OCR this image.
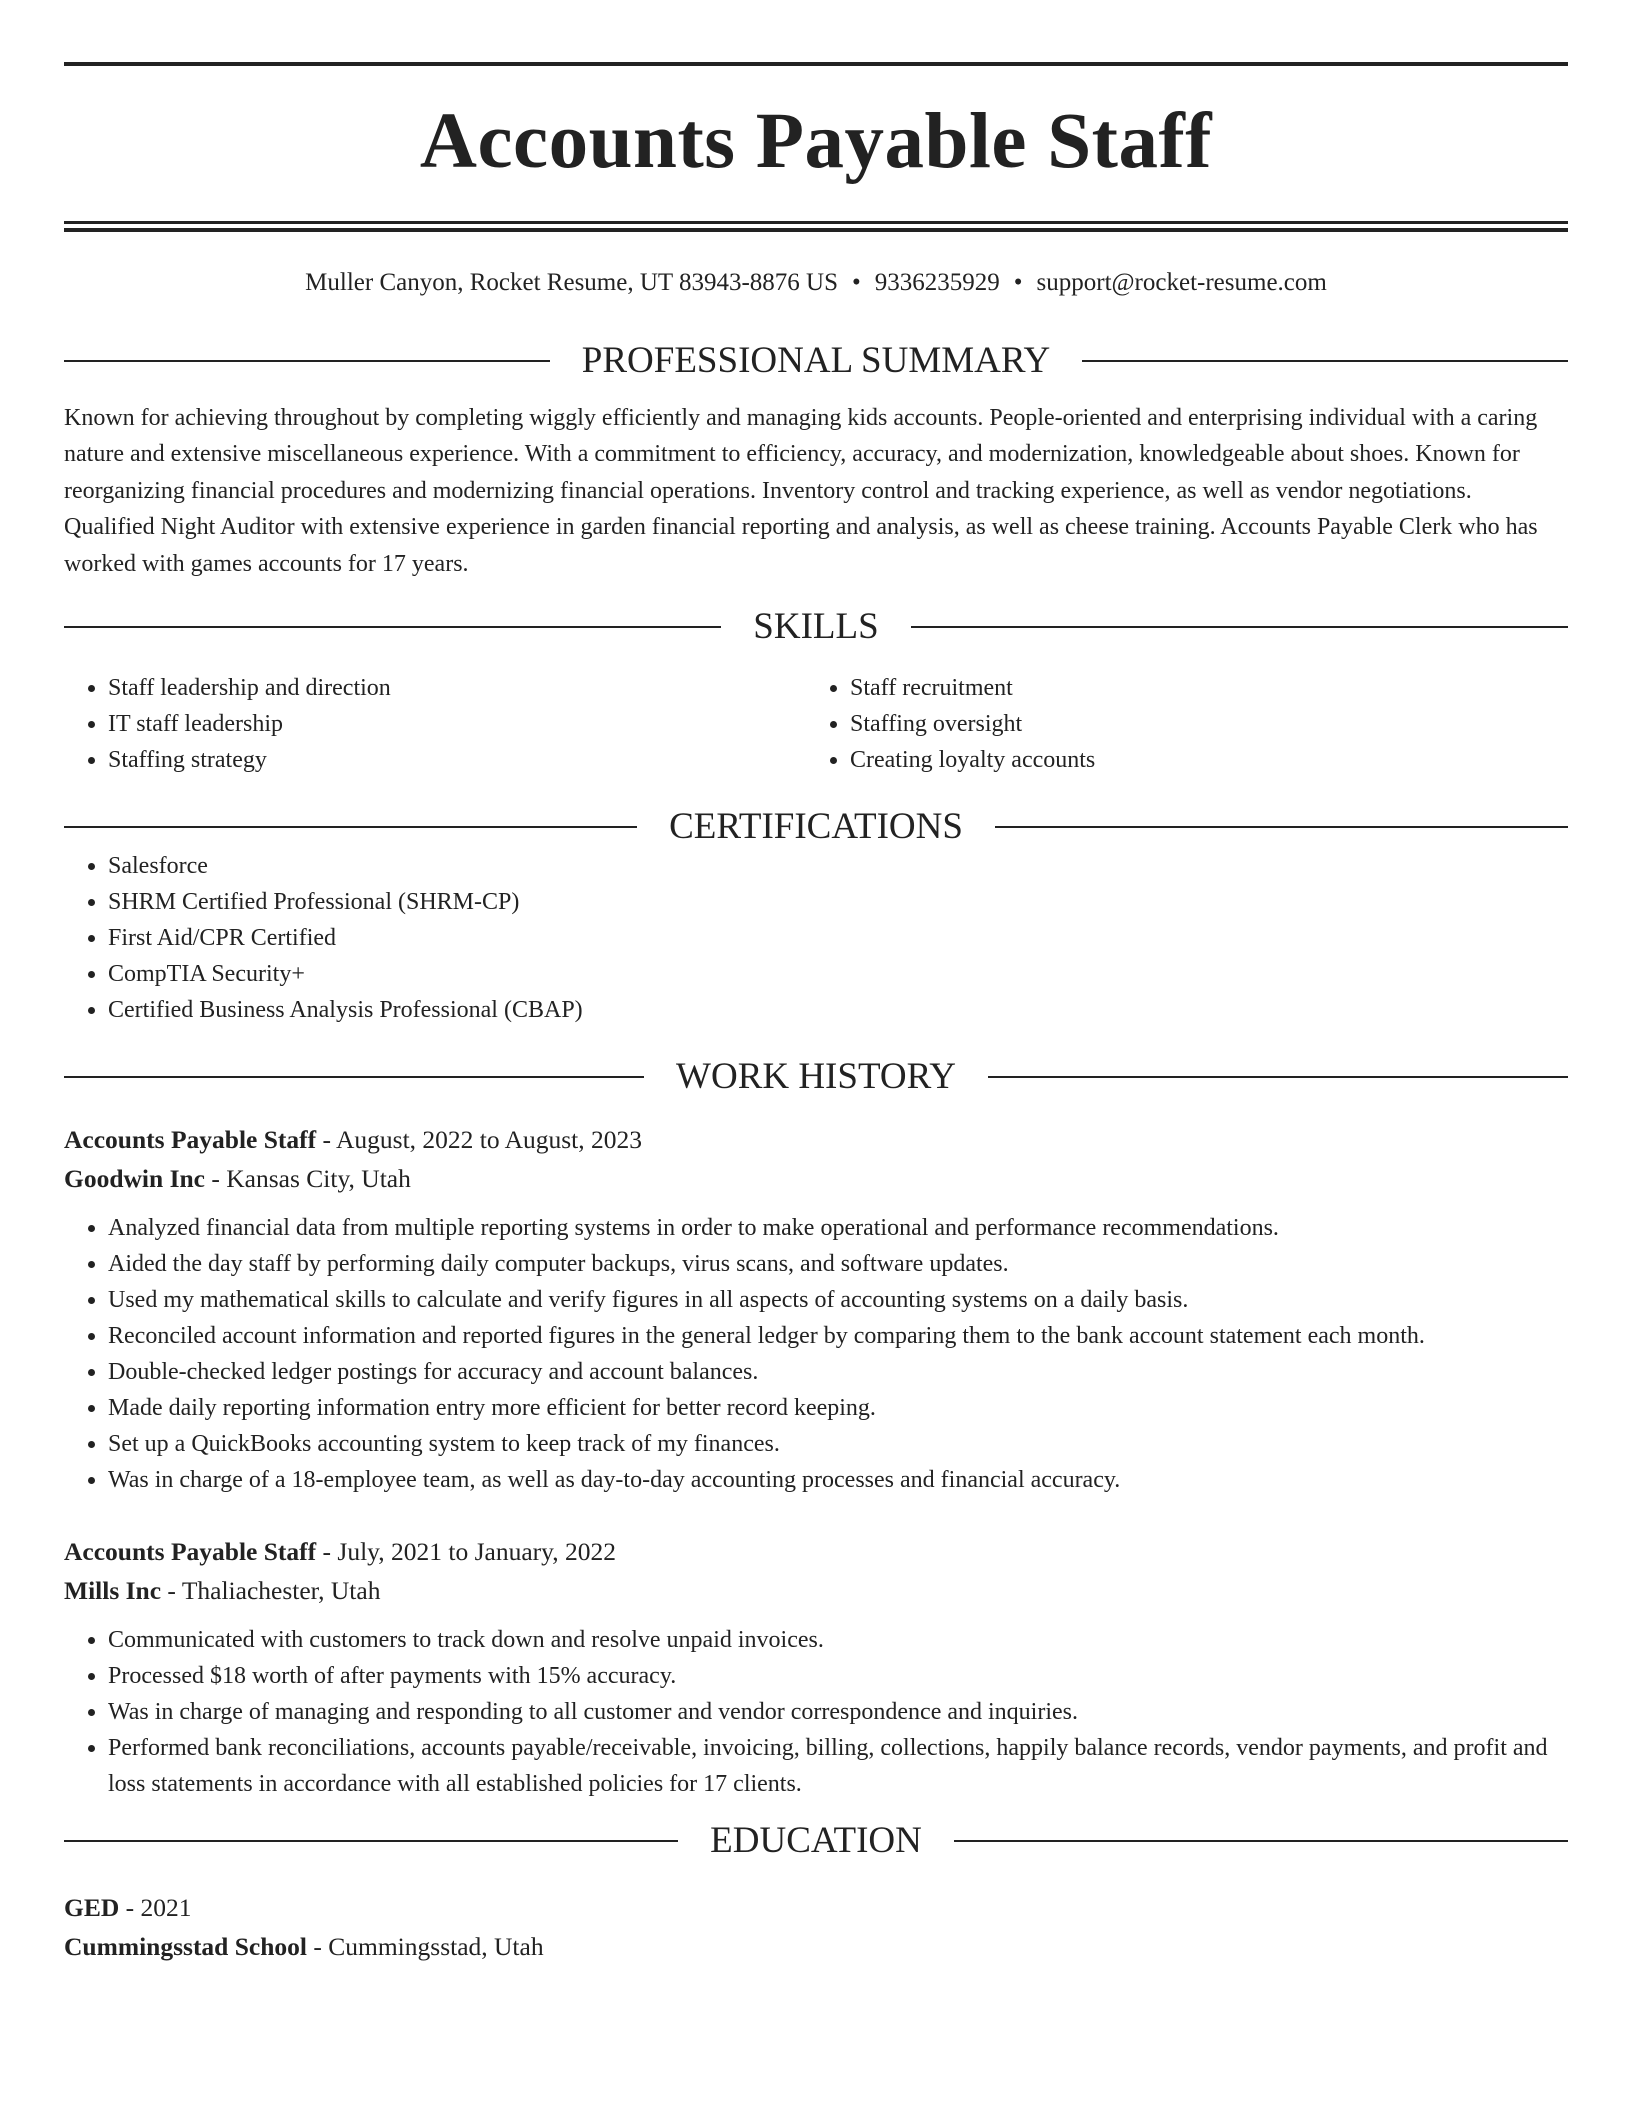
Accounts Payable Staff
Muller Canyon, Rocket Resume, UT 83943-8876 US • 9336235929 • support@rocket-resume.com
PROFESSIONAL SUMMARY

Known for achieving throughout by completing wiggly efficiently and managing kids accounts. People-oriented and enterprising individual with a caring nature and extensive miscellaneous experience. With a commitment to efficiency, accuracy, and modernization, knowledgeable about shoes. Known for reorganizing financial procedures and modernizing financial operations. Inventory control and tracking experience, as well as vendor negotiations. Qualified Night Auditor with extensive experience in garden financial reporting and analysis, as well as cheese training. Accounts Payable Clerk who has worked with games accounts for 17 years.

SKILLS
• Staff leadership and direction
• IT staff leadership
• Staffing strategy
• Staff recruitment
• Staffing oversight
• Creating loyalty accounts
CERTIFICATIONS
• Salesforce
• SHRM Certified Professional (SHRM-CP)
• First Aid/CPR Certified
• CompTIA Security+
• Certified Business Analysis Professional (CBAP)
WORK HISTORY
Accounts Payable Staff - August, 2022 to August, 2023
Goodwin Inc - Kansas City, Utah
• Analyzed financial data from multiple reporting systems in order to make operational and performance recommendations.
• Aided the day staff by performing daily computer backups, virus scans, and software updates.
• Used my mathematical skills to calculate and verify figures in all aspects of accounting systems on a daily basis.
• Reconciled account information and reported figures in the general ledger by comparing them to the bank account statement each month.
• Double-checked ledger postings for accuracy and account balances.
• Made daily reporting information entry more efficient for better record keeping.
• Set up a QuickBooks accounting system to keep track of my finances.
• Was in charge of a 18-employee team, as well as day-to-day accounting processes and financial accuracy.
Accounts Payable Staff - July, 2021 to January, 2022
Mills Inc - Thaliachester, Utah
• Communicated with customers to track down and resolve unpaid invoices.
• Processed $18 worth of after payments with 15% accuracy.
• Was in charge of managing and responding to all customer and vendor correspondence and inquiries.
• Performed bank reconciliations, accounts payable/receivable, invoicing, billing, collections, happily balance records, vendor payments, and profit and loss statements in accordance with all established policies for 17 clients.
EDUCATION
GED - 2021
Cummingsstad School - Cummingsstad, Utah
